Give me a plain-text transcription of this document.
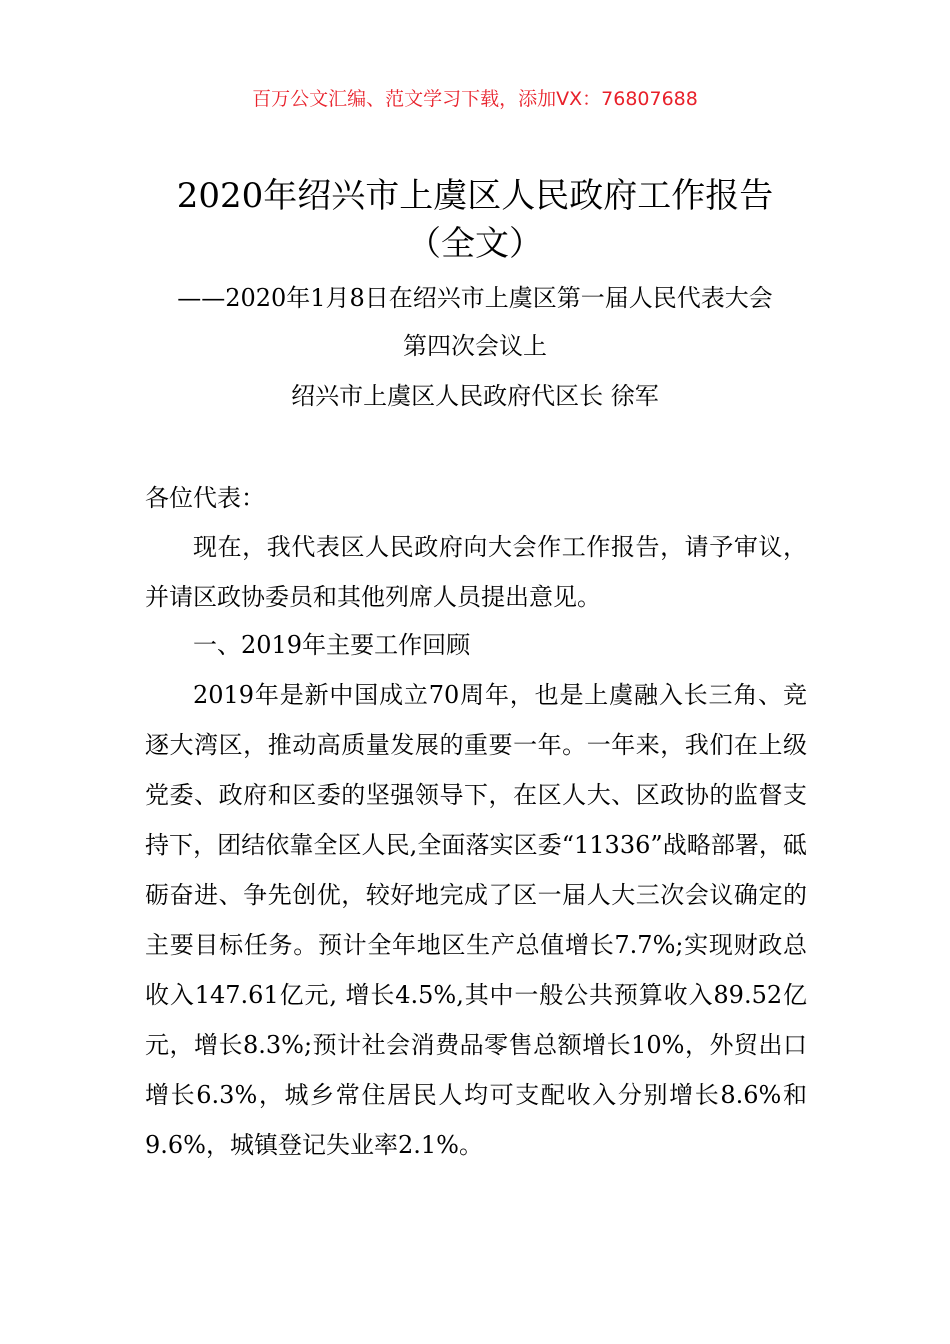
百万公文汇编、范文学习下载，添加VX：76807688
2020年绍兴市上虞区人民政府工作报告
（全文）
——2020年1月8日在绍兴市上虞区第一届人民代表大会
第四次会议上
绍兴市上虞区人民政府代区长 徐军
各位代表：
现在，我代表区人民政府向大会作工作报告，请予审议，并请区政协委员和其他列席人员提出意见。
一、2019年主要工作回顾
2019年是新中国成立70周年，也是上虞融入长三角、竞逐大湾区，推动高质量发展的重要一年。一年来，我们在上级党委、政府和区委的坚强领导下，在区人大、区政协的监督支持下，团结依靠全区人民,全面落实区委“11336”战略部署，砥砺奋进、争先创优，较好地完成了区一届人大三次会议确定的主要目标任务。预计全年地区生产总值增长7.7%;实现财政总收入147.61亿元, 增长4.5%,其中一般公共预算收入89.52亿元，增长8.3%;预计社会消费品零售总额增长10%，外贸出口增长6.3%，城乡常住居民人均可支配收入分别增长8.6%和9.6%，城镇登记失业率2.1%。
